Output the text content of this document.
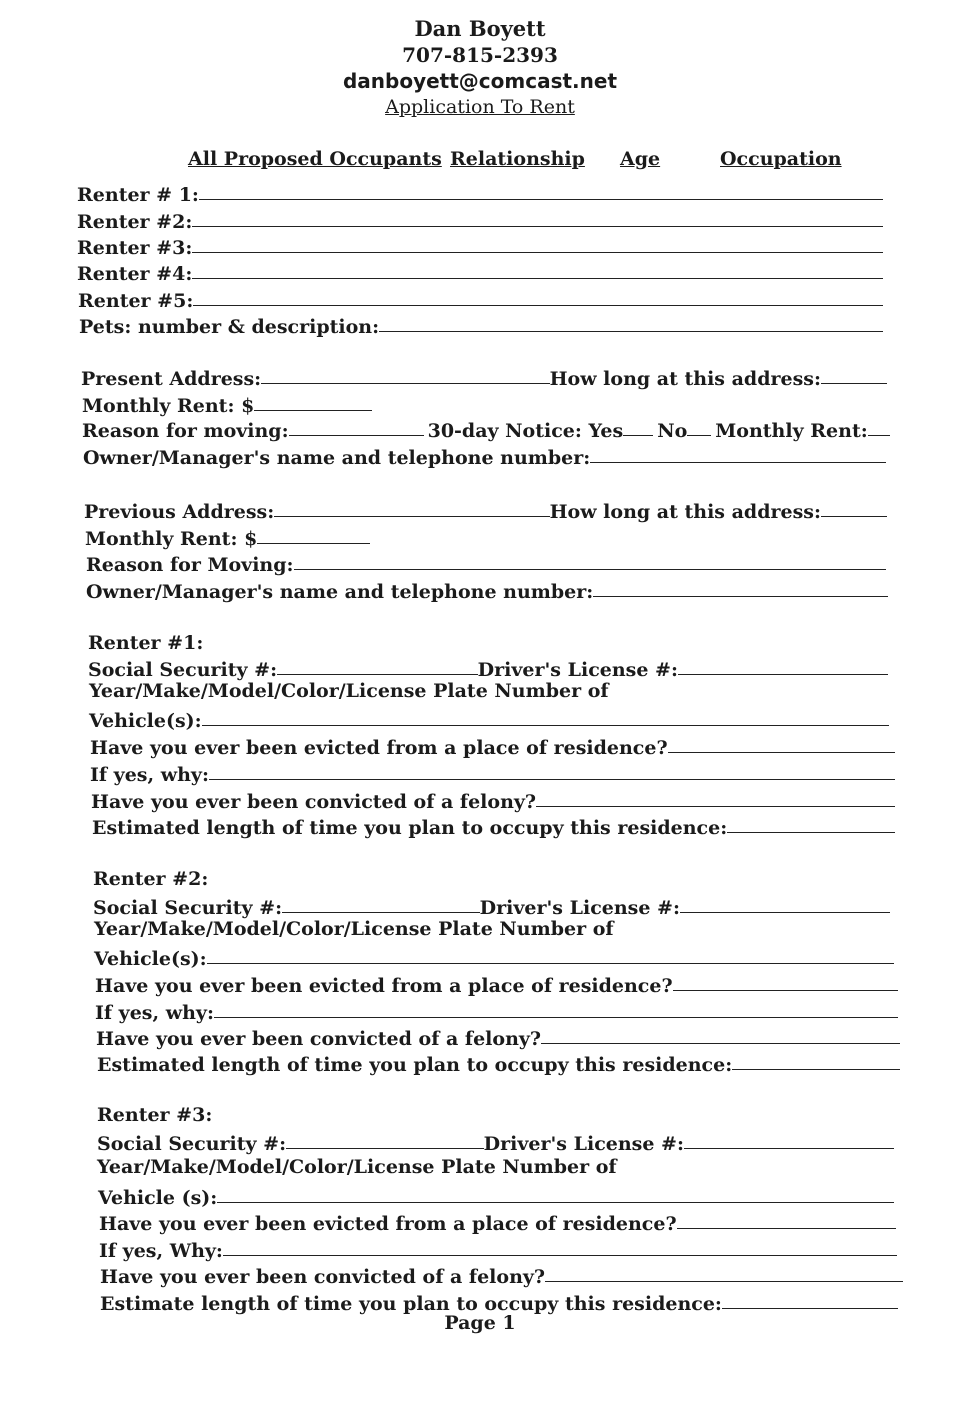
Dan Boyett
707-815-2393
danboyett@comcast.net
Application To Rent
All Proposed Occupants Relationship Age	Occupation
Renter # 1:
Renter #2:
Renter #3:
Renter #4:
Renter #5:
Pets: number & description:
Present Address:	How long at this address:
Monthly Rent: $
Reason for moving:	30-day Notice: Yes No Monthly Rent:
Owner/Manager's name and telephone number:
Previous Address:	How long at this address:
Monthly Rent: $
Reason for Moving:
Owner/Manager's name and telephone number:
Renter #1:
Social Security #:	Driver's License #:
Year/Make/Model/Color/License Plate Number of
Vehicle(s):
Have you ever been evicted from a place of residence?
If yes, why:
Have you ever been convicted of a felony?
Estimated length of time you plan to occupy this residence:
Renter #2:
Social Security #:	Driver's License #:
Year/Make/Model/Color/License Plate Number of
Vehicle(s):
Have you ever been evicted from a place of residence?
If yes, why:
Have you ever been convicted of a felony?
Estimated length of time you plan to occupy this residence:
Renter #3:
Social Security #:	Driver's License #:
Year/Make/Model/Color/License Plate Number of
Vehicle (s):
Have you ever been evicted from a place of residence?
If yes, Why:
Have you ever been convicted of a felony?
Estimate length of time you plan to occupy this residence:
Page 1
